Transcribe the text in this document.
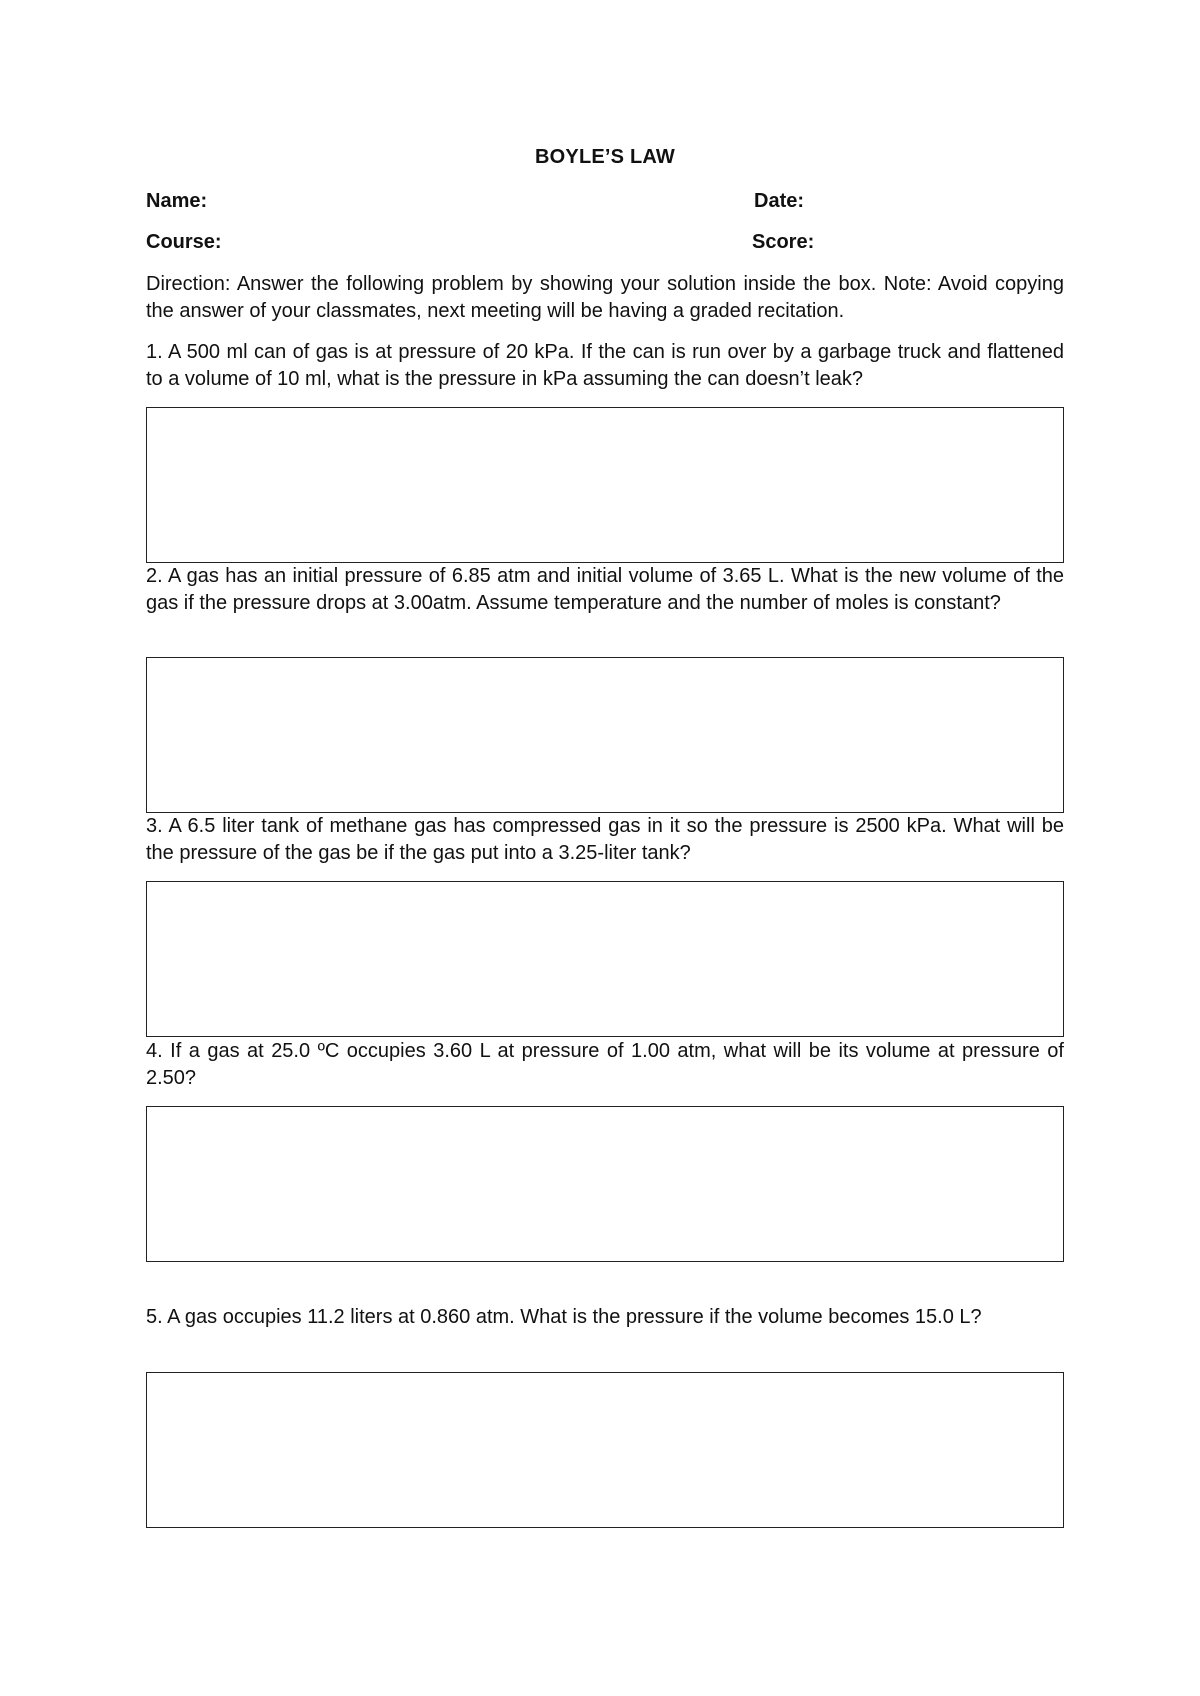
BOYLE’S LAW
Name:	Date:
Course:	Score:
Direction: Answer the following problem by showing your solution inside the box. Note: Avoid copying the answer of your classmates, next meeting will be having a graded recitation.
1. A 500 ml can of gas is at pressure of 20 kPa. If the can is run over by a garbage truck and flattened to a volume of 10 ml, what is the pressure in kPa assuming the can doesn’t leak?
2. A gas has an initial pressure of 6.85 atm and initial volume of 3.65 L. What is the new volume of the gas if the pressure drops at 3.00atm. Assume temperature and the number of moles is constant?
3. A 6.5 liter tank of methane gas has compressed gas in it so the pressure is 2500 kPa. What will be the pressure of the gas be if the gas put into a 3.25-liter tank?
4. If a gas at 25.0 ºC occupies 3.60 L at pressure of 1.00 atm, what will be its volume at pressure of 2.50?
5. A gas occupies 11.2 liters at 0.860 atm. What is the pressure if the volume becomes 15.0 L?
